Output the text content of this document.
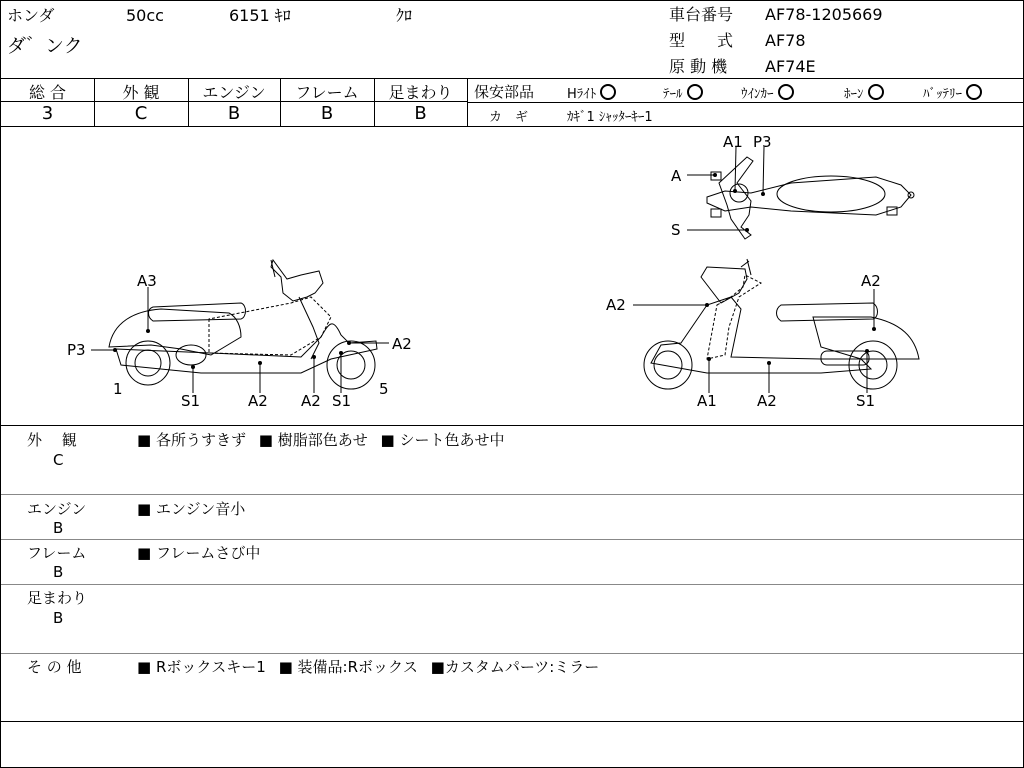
ホンダ	50cc	6151 ｷﾛ	ｸﾛ
ダ゛ンク
車台番号 AF78-1205669
型　　式 AF78
原 動 機 AF74E
総 合
3
外 観
C
エンジン
B
フレーム
B
足まわり
B
保安部品	Hﾗｲﾄ	ﾃｰﾙ	ｳｲﾝｶｰ	ﾎｰﾝ	ﾊﾞｯﾃﾘｰ
カ　ギ	ｶｷﾞ1 ｼｬｯﾀｰｷｰ1
A3
P3
1
S1	A2 A2 S1
5
A2
A1 P3
A
S
A2
A2
A1	A2	S1
外　 観
C
■ 各所うすきず ■ 樹脂部色あせ ■ シート色あせ中
エンジン
B
■ エンジン音小
フレーム
B
■ フレームさび中
足まわり
B
そ の 他	■ Rボックスキー1 ■ 装備品:Rボックス ■カスタムパーツ:ミラー
